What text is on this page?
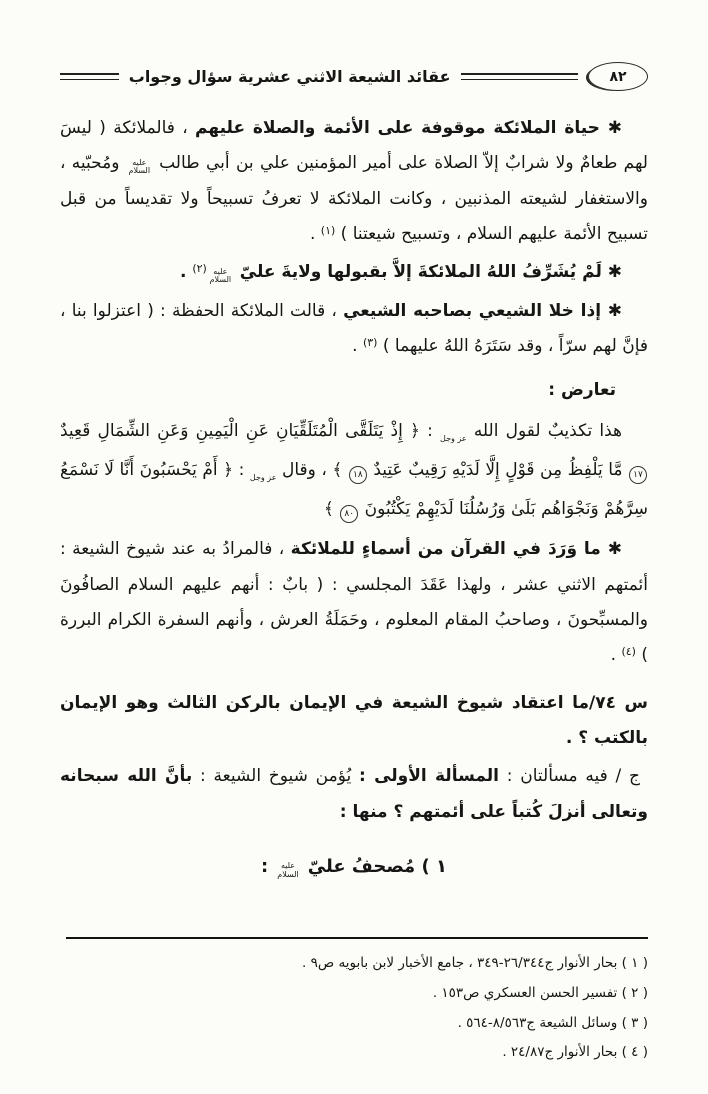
٨٢
عقائد الشيعة الاثني عشرية سؤال وجواب

✱ حياة الملائكة موقوفة على الأئمة والصلاة عليهم ، فالملائكة ( ليسَ لهم طعامٌ ولا شرابٌ إلاّ الصلاة على أمير المؤمنين علي بن أبي طالب عليه السلام ومُحبّيه ، والاستغفار لشيعته المذنبين ، وكانت الملائكة لا تعرفُ تسبيحاً ولا تقديساً من قبل تسبيح الأئمة عليهم السلام ، وتسبيح شيعتنا ) $^{(١)}$ .

✱ لَمْ يُشَرِّفُ اللهُ الملائكةَ إلاَّ بقبولها ولايةَ عليّ عليه السلام$^{(٢)}$ .

✱ إذا خلا الشيعي بصاحبه الشيعي ، قالت الملائكة الحفظة : ( اعتزلوا بنا ، فإنَّ لهم سرّاً ، وقد سَتَرَهُ اللهُ عليهما ) $^{(٣)}$ .

تعارض :

هذا تكذيبٌ لقول الله عز وجل : ﴿ إِذْ يَتَلَقَّى الْمُتَلَقِّيَانِ عَنِ الْيَمِينِ وَعَنِ الشِّمَالِ قَعِيدٌ ١٧ مَّا يَلْفِظُ مِن قَوْلٍ إِلَّا لَدَيْهِ رَقِيبٌ عَتِيدٌ ١٨ ﴾ ، وقال عز وجل : ﴿ أَمْ يَحْسَبُونَ أَنَّا لَا نَسْمَعُ سِرَّهُمْ وَنَجْوَاهُم بَلَىٰ وَرُسُلُنَا لَدَيْهِمْ يَكْتُبُونَ ٨٠ ﴾

✱ ما وَرَدَ في القرآن من أسماءٍ للملائكة ، فالمرادُ به عند شيوخ الشيعة : أئمتهم الاثني عشر ، ولهذا عَقَدَ المجلسي : ( بابٌ : أنهم عليهم السلام الصافُونَ والمسبِّحونَ ، وصاحبُ المقام المعلوم ، وحَمَلَةُ العرش ، وأنهم السفرة الكرام البررة ) $^{(٤)}$ .

س ٧٤/ما اعتقاد شيوخ الشيعة في الإيمان بالركن الثالث وهو الإيمان بالكتب ؟ .

ج / فيه مسألتان : المسألة الأولى : يُؤمن شيوخ الشيعة : بأنَّ الله سبحانه وتعالى أنزلَ كُتباً على أئمتهم ؟ منها :

١ ) مُصحفُ عليّ عليه السلام :

( ١ ) بحار الأنوار ج٢٦/٣٤٤-٣٤٩ ، جامع الأخبار لابن بابويه ص٩ .
( ٢ ) تفسير الحسن العسكري ص١٥٣ .
( ٣ ) وسائل الشيعة ج٨/٥٦٣-٥٦٤ .
( ٤ ) بحار الأنوار ج٢٤/٨٧ .
